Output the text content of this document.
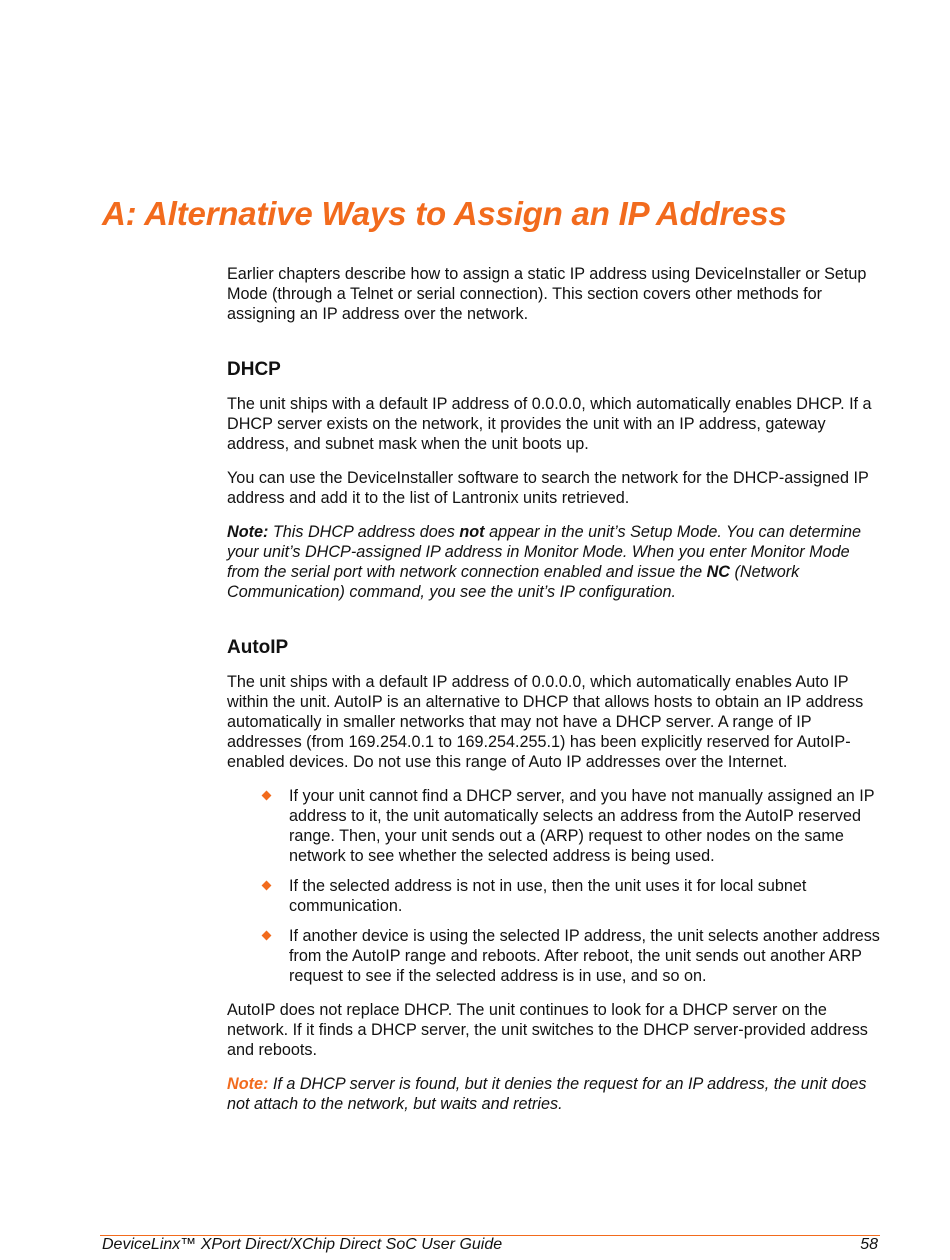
A: Alternative Ways to Assign an IP Address

Earlier chapters describe how to assign a static IP address using DeviceInstaller or Setup Mode (through a Telnet or serial connection). This section covers other methods for assigning an IP address over the network.

DHCP

The unit ships with a default IP address of 0.0.0.0, which automatically enables DHCP. If a DHCP server exists on the network, it provides the unit with an IP address, gateway address, and subnet mask when the unit boots up.

You can use the DeviceInstaller software to search the network for the DHCP-assigned IP address and add it to the list of Lantronix units retrieved.

Note: This DHCP address does not appear in the unit’s Setup Mode. You can determine your unit’s DHCP-assigned IP address in Monitor Mode. When you enter Monitor Mode from the serial port with network connection enabled and issue the NC (Network Communication) command, you see the unit’s IP configuration.

AutoIP

The unit ships with a default IP address of 0.0.0.0, which automatically enables Auto IP within the unit. AutoIP is an alternative to DHCP that allows hosts to obtain an IP address automatically in smaller networks that may not have a DHCP server. A range of IP addresses (from 169.254.0.1 to 169.254.255.1) has been explicitly reserved for AutoIP-enabled devices. Do not use this range of Auto IP addresses over the Internet.

If your unit cannot find a DHCP server, and you have not manually assigned an IP address to it, the unit automatically selects an address from the AutoIP reserved range. Then, your unit sends out a (ARP) request to other nodes on the same network to see whether the selected address is being used.
If the selected address is not in use, then the unit uses it for local subnet communication.
If another device is using the selected IP address, the unit selects another address from the AutoIP range and reboots. After reboot, the unit sends out another ARP request to see if the selected address is in use, and so on.

AutoIP does not replace DHCP. The unit continues to look for a DHCP server on the network. If it finds a DHCP server, the unit switches to the DHCP server-provided address and reboots.

Note: If a DHCP server is found, but it denies the request for an IP address, the unit does not attach to the network, but waits and retries.

DeviceLinx™ XPort Direct/XChip Direct SoC User Guide	58
